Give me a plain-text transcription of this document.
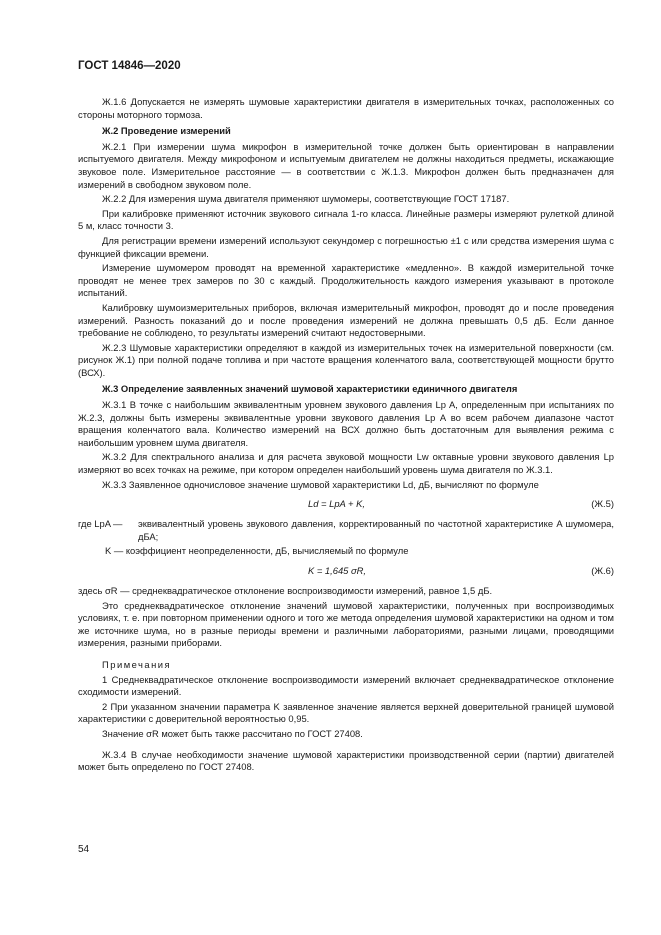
ГОСТ 14846—2020

Ж.1.6 Допускается не измерять шумовые характеристики двигателя в измерительных точках, расположенных со стороны моторного тормоза.

Ж.2 Проведение измерений

Ж.2.1 При измерении шума микрофон в измерительной точке должен быть ориентирован в направлении испытуемого двигателя. Между микрофоном и испытуемым двигателем не должны находиться предметы, искажающие звуковое поле. Измерительное расстояние — в соответствии с Ж.1.3. Микрофон должен быть предназначен для измерений в свободном звуковом поле.

Ж.2.2 Для измерения шума двигателя применяют шумомеры, соответствующие ГОСТ 17187.

При калибровке применяют источник звукового сигнала 1-го класса. Линейные размеры измеряют рулеткой длиной 5 м, класс точности 3.

Для регистрации времени измерений используют секундомер с погрешностью ±1 с или средства измерения шума с функцией фиксации времени.

Измерение шумомером проводят на временной характеристике «медленно». В каждой измерительной точке проводят не менее трех замеров по 30 с каждый. Продолжительность каждого измерения указывают в протоколе испытаний.

Калибровку шумоизмерительных приборов, включая измерительный микрофон, проводят до и после проведения измерений. Разность показаний до и после проведения измерений не должна превышать 0,5 дБ. Если данное требование не соблюдено, то результаты измерений считают недостоверными.

Ж.2.3 Шумовые характеристики определяют в каждой из измерительных точек на измерительной поверхности (см. рисунок Ж.1) при полной подаче топлива и при частоте вращения коленчатого вала, соответствующей мощности брутто (ВСХ).

Ж.3 Определение заявленных значений шумовой характеристики единичного двигателя

Ж.3.1 В точке с наибольшим эквивалентным уровнем звукового давления Lp A, определенным при испытаниях по Ж.2.3, должны быть измерены эквивалентные уровни звукового давления Lp A во всем рабочем диапазоне частот вращения коленчатого вала. Количество измерений на ВСХ должно быть достаточным для выявления режима с наибольшим уровнем шума двигателя.

Ж.3.2 Для спектрального анализа и для расчета звуковой мощности Lw октавные уровни звукового давления Lp измеряют во всех точках на режиме, при котором определен наибольший уровень шума двигателя по Ж.3.1.

Ж.3.3 Заявленное одночисловое значение шумовой характеристики Ld, дБ, вычисляют по формуле

Ld = LpA + K,	(Ж.5)

где LpA — эквивалентный уровень звукового давления, корректированный по частотной характеристике A шумомера, дБА;

K — коэффициент неопределенности, дБ, вычисляемый по формуле

K = 1,645 σR,	(Ж.6)

здесь σR — среднеквадратическое отклонение воспроизводимости измерений, равное 1,5 дБ.

Это среднеквадратическое отклонение значений шумовой характеристики, полученных при воспроизводимых условиях, т. е. при повторном применении одного и того же метода определения шумовой характеристики на одном и том же источнике шума, но в разные периоды времени и различными лабораториями, разными лицами, проводящими измерения, разными приборами.

Примечания

1 Среднеквадратическое отклонение воспроизводимости измерений включает среднеквадратическое отклонение сходимости измерений.

2 При указанном значении параметра K заявленное значение является верхней доверительной границей шумовой характеристики с доверительной вероятностью 0,95.

Значение σR может быть также рассчитано по ГОСТ 27408.

Ж.3.4 В случае необходимости значение шумовой характеристики производственной серии (партии) двигателей может быть определено по ГОСТ 27408.

54
